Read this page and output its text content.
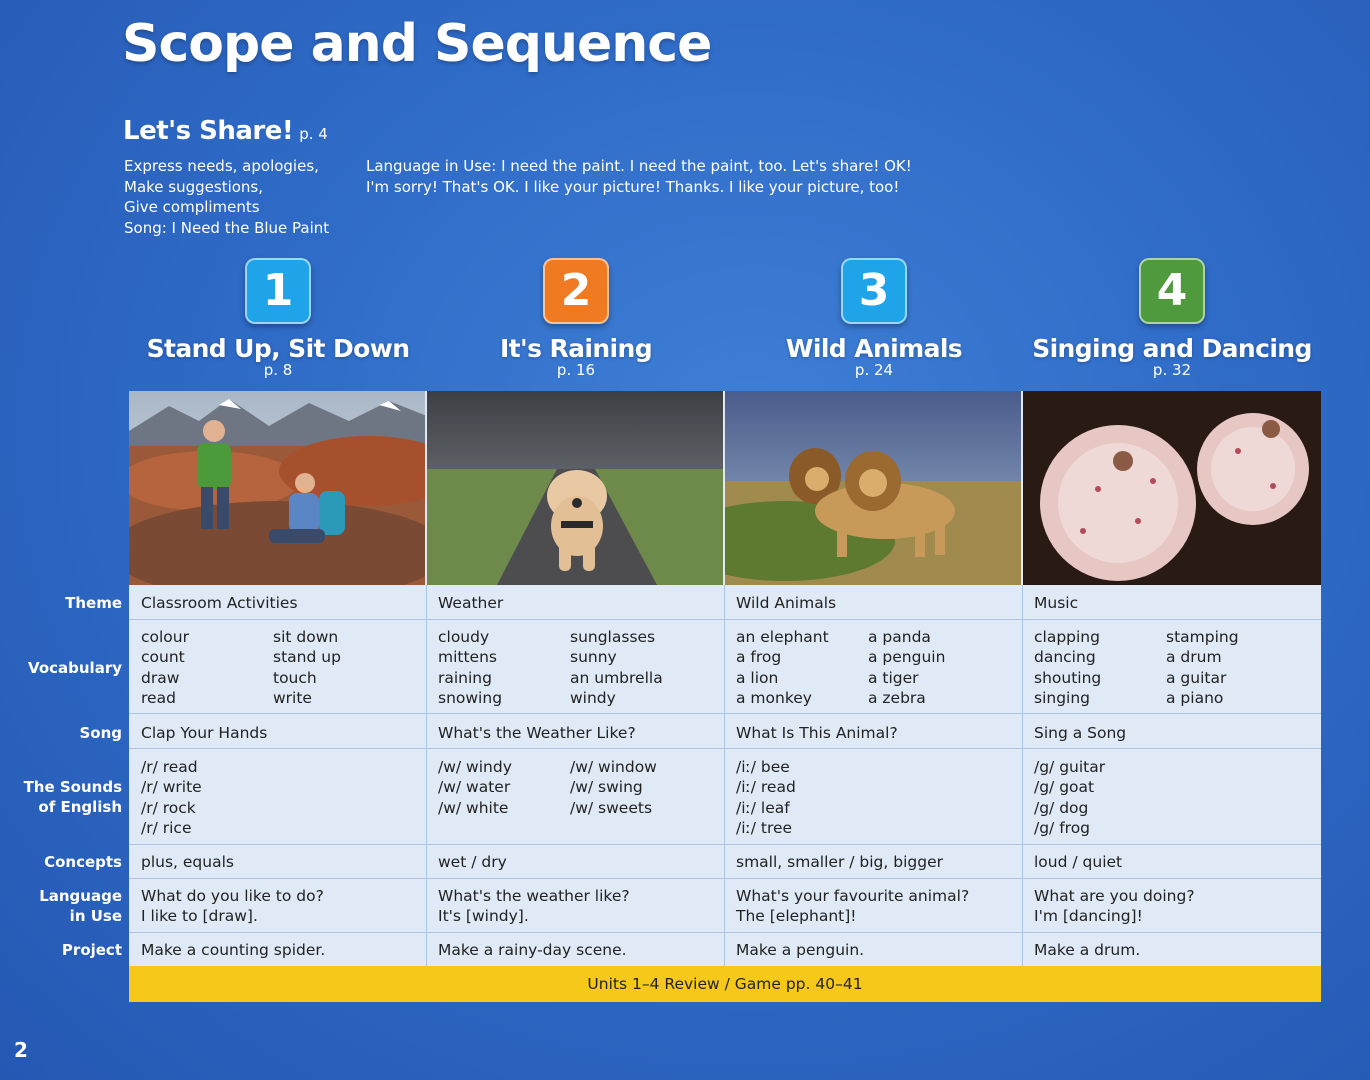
Scope and Sequence
Let's Share! p. 4
Express needs, apologies,
Make suggestions,
Give compliments
Song: I Need the Blue Paint
Language in Use: I need the paint. I need the paint, too. Let's share! OK!
I'm sorry! That's OK. I like your picture! Thanks. I like your picture, too!
1
Stand Up, Sit Down
p. 8
2
It's Raining
p. 16
3
Wild Animals
p. 24
4
Singing and Dancing
p. 32
Theme
Vocabulary
Song
The Sounds
of English
Concepts
Language
in Use
Project
Classroom Activities
colour
count
draw
read
sit down
stand up
touch
write
Clap Your Hands
/r/ read
/r/ write
/r/ rock
/r/ rice
plus, equals
What do you like to do?
I like to [draw].
Make a counting spider.
Weather
cloudy
mittens
raining
snowing
sunglasses
sunny
an umbrella
windy
What's the Weather Like?
/w/ windy
/w/ water
/w/ white
/w/ window
/w/ swing
/w/ sweets
wet / dry
What's the weather like?
It's [windy].
Make a rainy-day scene.
Wild Animals
an elephant
a frog
a lion
a monkey
a panda
a penguin
a tiger
a zebra
What Is This Animal?
/iː/ bee
/iː/ read
/iː/ leaf
/iː/ tree
small, smaller / big, bigger
What's your favourite animal?
The [elephant]!
Make a penguin.
Music
clapping
dancing
shouting
singing
stamping
a drum
a guitar
a piano
Sing a Song
/g/ guitar
/g/ goat
/g/ dog
/g/ frog
loud / quiet
What are you doing?
I'm [dancing]!
Make a drum.
Units 1–4 Review / Game pp. 40–41
2
